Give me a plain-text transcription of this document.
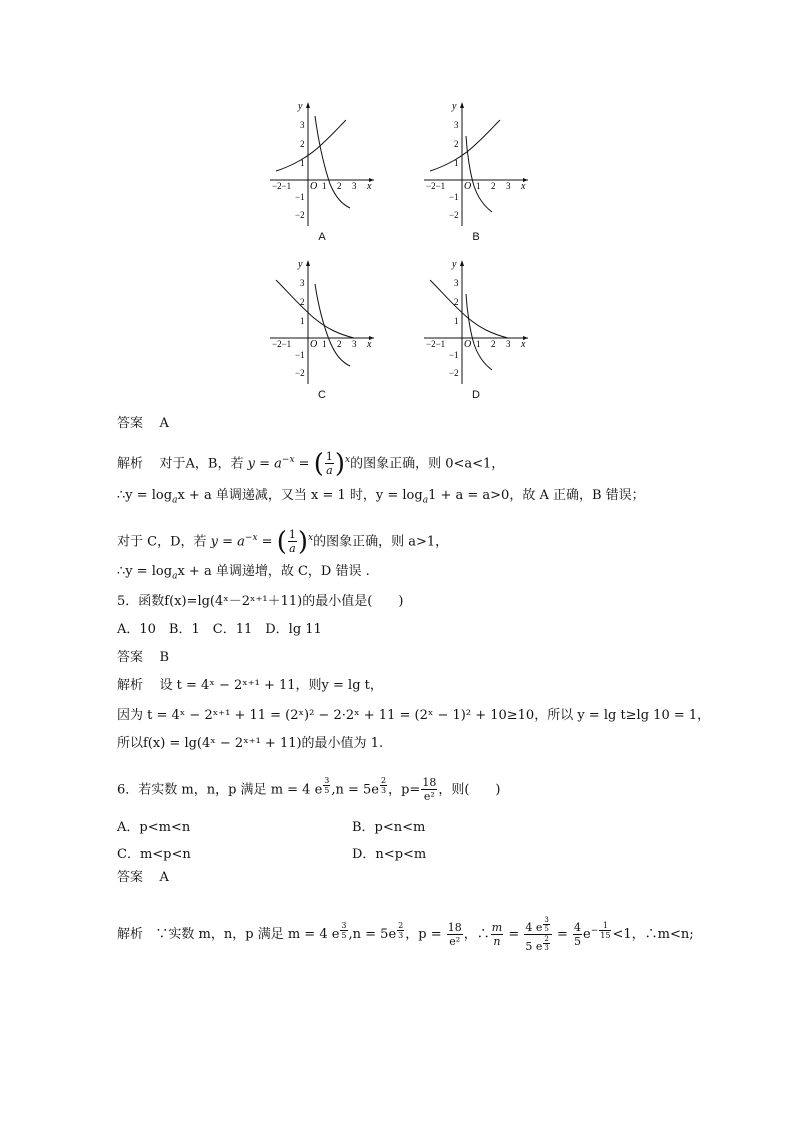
−2−1 O 1 2 3 x
y
3
2
1
−1
−2
A
−2−1 O 1 2 3 x
y
3
2
1
−1
−2
B
−2−1 O 1 2 3 x
y
3
2
1
−1
−2
C
−2−1 O 1 2 3 x
y
3
2
1
−1
−2
D
答案 A
解析 对于A，B，若 $y = a^{-x}$ = ( $\frac{1}{a} )^x$的图象正确，则 0<a<1，
∴y = $\log_ax + a$ 单调递减，又当 x = 1 时，$y = \log_a1 + a = a>0$，故 A 正确，B 错误；
对于 C，D，若 $y = a^{-x}$ = ( $\frac{1}{a} )^x$的图象正确，则 a>1，
∴y = $\log_ax + a$ 单调递增，故 C，D 错误 .
5．函数f(x)=lg(4ˣ－2ˣ⁺¹＋11)的最小值是(　　)
A．10　B．1　C．11　D．lg 11
答案 B
解析 设 t = 4ˣ − 2ˣ⁺¹ + 11，则y = lg t，
因为 t = 4ˣ − 2ˣ⁺¹ + 11 = (2ˣ)² − 2·2ˣ + 11 = (2ˣ − 1)² + 10≥10，所以 y = lg t≥lg 10 = 1，
所以f(x) = lg(4ˣ − 2ˣ⁺¹ + 11)的最小值为 1.
6．若实数 m，n，p 满足 m = 4 e $^{\frac{3}{5}}$ ,n = 5e $^{\frac{2}{3}}$ ，$p= \frac{18}{\text{e²}}$ ，则(　　)
A．p<m<n	B．p<n<m
C．m<p<n	D．n<p<m
答案 A
解析 ∵实数 m，n，p 满足 m = 4 e $^{\frac{3}{5}}$ ,n = 5e $^{\frac{2}{3}}$ ，$p = \frac{18}{\text{e²}}$ ，∴ $\frac{m}{n} = 4$ e $^{\frac{3}{5}}$
5 e $^{\frac{2}{3}} = \frac{4}{5} e^{- \frac{1}{15}} <1$，∴m<n;
